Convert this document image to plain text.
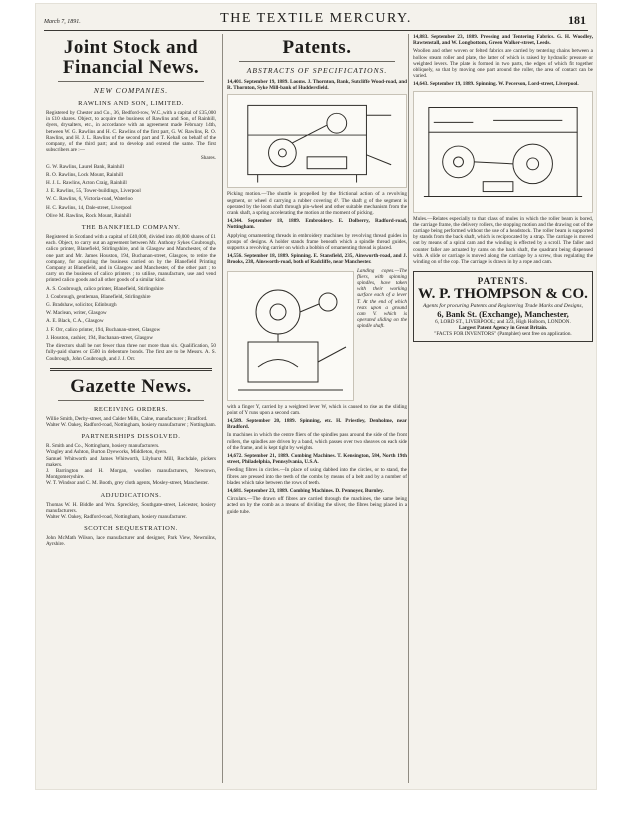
March 7, 1891.	THE TEXTILE MERCURY.	181
Joint Stock and Financial News.
NEW COMPANIES.
RAWLINS AND SON, LIMITED.
Registered by Chester and Co., 36, Bedford-row, W.C.,with a capital of £35,000 in £10 shares. Object, to acquire the business of Rawlins and Son, of Rainhill, dyers, drysalters, etc., in accordance with an agreement made February 14th, between W. G. Rawlins and H. C. Rawlins of the first part, G. W. Rawlins, R. O. Rawlins, and H. J. L. Rawlins of the second part and T. Kehall on behalf of the company, of the third part; and to develop and extend the same. The first subscribers are :—
Shares.
G. W. Rawlins, Laurel Bank, Rainhill
R. O. Rawlins, Lock Mount, Rainhill
H. J. L. Rawlins, Acton Craig, Rainhill
J. E. Rawlins, 55, Tower-buildings, Liverpool
W. C. Rawlins, 6, Victoria-road, Waterloo
H. C. Rawlins, 14, Dale-street, Liverpool
Olive M. Rawlins, Rock Mount, Rainhill
THE BANKFIELD COMPANY.
Registered in Scotland with a capital of £40,000, divided into 40,000 shares of £1 each. Object, to carry out an agreement between Mr. Anthony Sykes Coubrough, calico printer, Blanefield, Stirlingshire, and in Glasgow and Manchester, of the one part and Mr. James Houston, 194, Buchanan-street, Glasgow, to retire the company, for acquiring the business carried on by the Blanefield Printing Company at Blanefield, and in Glasgow and Manchester, of the other part ; to carry on the business of calico printers ; to utilise, manufacture, use and vend printed calico goods and all other goods of a similar kind.
A. S. Coubrough, calico printer, Blanefield, Stirlingshire
J. Coubrough, gentleman, Blanefield, Stirlingshire
G. Bradshaw, solicitor, Edinburgh
W. Maclean, writer, Glasgow
A. E. Black, C.A., Glasgow
J. F. Orr, calico printer, 194, Buchanan-street, Glasgow
J. Houston, cashier, 194, Buchanan-street, Glasgow
The directors shall be not fewer than three nor more than six. Qualification, 50 fully-paid shares or £500 in debenture bonds. The first are to be Messrs. A. S. Coubrough, John Coubrough, and J. J. Orr.
Gazette News.
RECEIVING ORDERS.
Willie Smith, Derby-street, and Calder Mills, Calne, manufacturer ; Bradford.
Walter W. Oakey, Radford-road, Nottingham, hosiery manufacturer ; Nottingham.
PARTNERSHIPS DISSOLVED.
R. Smith and Co., Nottingham, hosiery manufacturers.
Wragley and Ashton, Burton Dyeworks, Middleton, dyers.
Samuel Whitworth and James Whitworth, Lilyhurst Mill, Rochdale, pickers makers.
J. Barrington and H. Morgan, woollen manufacturers, Newtown, Montgomeryshire.
W. T. Windsor and C. M. Booth, grey cloth agents, Mosley-street, Manchester.
ADJUDICATIONS.
Thomas W. H. Biddle and Wm. Spreckley, Southgate-street, Leicester, hosiery manufacturers.
Walter W. Oakey, Radford-road, Nottingham, hosiery manufacturer.
SCOTCH SEQUESTRATION.
John McMath Wilson, lace manufacturer and designer, Park View, Newmilns, Ayrshire.
Patents.
ABSTRACTS OF SPECIFICATIONS.
14,401. September 19, 1889. Looms. J. Thornton, Bank, Sutcliffe Wood-road, and R. Thornton, Syke Mill-bank of Huddersfield.
Picking motion.—The shuttle is propelled by the frictional action of a revolving segment, or wheel d carrying a rubber covering d¹. The shaft g of the segment is operated by the loom shaft through pin-wheel and other suitable mechanism from the crank shaft, a spring accelerating the motion at the moment of picking.
14,344. September 18, 1889. Embroidery. E. Dolberry, Radford-road, Nottingham.
Applying ornamenting threads in embroidery machines by revolving thread guides in groups of designs. A holder stands frame beneath which a spindle thread guides, supports a revolving carrier on which a bobbin of ornamenting thread is placed.
14,556. September 18, 1889. Spinning. E. Stansfield, 235, Ainsworth-road, and J. Brooks, 238, Ainsworth-road, both of Radcliffe, near Manchester.
Landing copes.—The fliers, with spinning spindles, have taken with their working surface each of a lever T. At the end of which rests upon a ground cam V. which is operated sliding on the spindle shaft.
with a finger Y, carried by a weighted lever W, which is caused to rise as the sliding point of Y runs upon a second cam.
14,589. September 20, 1889. Spinning, etc. H. Priestley, Denholme, near Bradford.
In machines in which the centre fliers of the spindles pass around the side of the front rollers, the spindles are driven by a band, which passes over two sheaves on each side of the frame, and is kept tight by weights.
14,672. September 21, 1889. Combing Machines. T. Kensington, 584, North 19th street, Philadelphia, Pennsylvania, U.S.A.
Feeding fibres in circles.—In place of using dabbed into the circles, or to stand, the fibres are pressed into the teeth of the combs by means of a belt and by a number of blades which take between the rows of teeth.
14,681. September 23, 1889. Combing Machines. D. Pennoyer, Burnley.
Circulars.—The drawn off fibres are carried through the machines, the same being acted on by the comb as a means of dividing the sliver, the fibres being placed in a guide tube.
14,883. September 23, 1889. Pressing and Tentering Fabrics. G. H. Woodley, Rawtenstall, and W. Longbottom, Green Walker-street, Leeds.
Woollen and other woven or felted fabrics are carried by tentering chains between a hollow steam roller and plate, the latter of which is raised by hydraulic pressure or weighted levers. The plate is formed in two parts, the edges of which fit together obliquely, so that by moving one part around the roller, the area of contact can be varied.
14,643. September 19, 1889. Spinning. W. Pecerson, Lord-street, Liverpool.
Mules.—Relates especially to that class of mules in which the roller beam is bored, the carriage frame, the delivery rollers, the stopping motion and the drawing out of the carriage being performed without the use of a headstock. The roller beam is supported by stands from the back shaft, which is reciprocated by a strap. The carriage is moved out by means of a spiral cam and the winding is effected by a scroll. The faller and counter faller are actuated by cams on the back shaft, the quadrant being dispensed with. A slide or carriage is moved along the carriage by a screw, thus regulating the winding on of the cop. The carriage is drawn in by a rope and cam.
PATENTS.
W. P. THOMPSON & CO.
Agents for procuring Patents and Registering Trade Marks and Designs,
6, Bank St. (Exchange), Manchester,
6, LORD ST., LIVERPOOL; and 323, High Holborn, LONDON.
Largest Patent Agency in Great Britain.
"FACTS FOR INVENTORS" (Pamphlet) sent free on application.
